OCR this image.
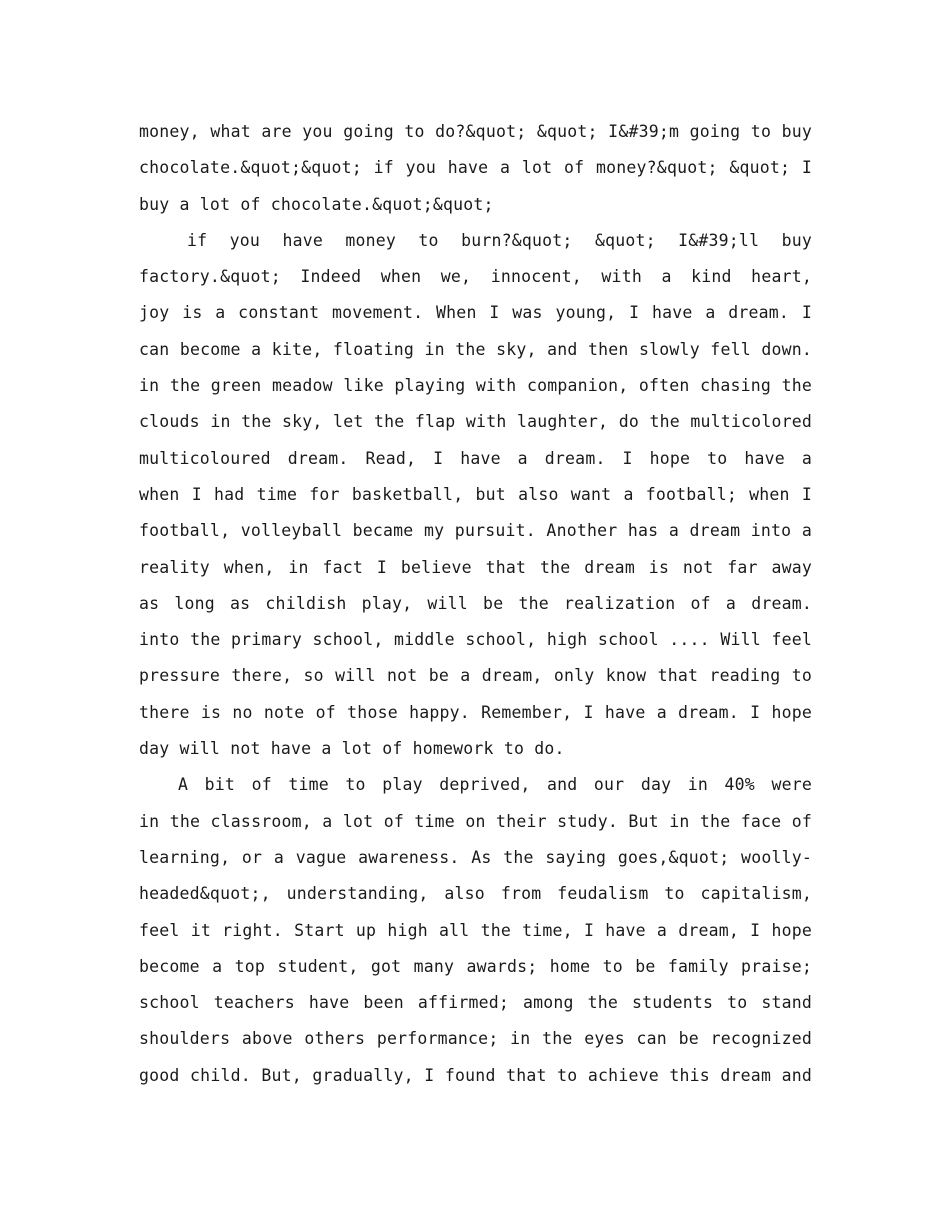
money, what are you going to do?&quot; &quot; I&#39;m going to buy
chocolate.&quot;&quot; if you have a lot of money?&quot; &quot; I
buy a lot of chocolate.&quot;&quot;
if you have money to burn?&quot; &quot; I&#39;ll buy
factory.&quot; Indeed when we, innocent, with a kind heart,
joy is a constant movement. When I was young, I have a dream. I
can become a kite, floating in the sky, and then slowly fell down.
in the green meadow like playing with companion, often chasing the
clouds in the sky, let the flap with laughter, do the multicolored
multicoloured dream. Read, I have a dream. I hope to have a
when I had time for basketball, but also want a football; when I
football, volleyball became my pursuit. Another has a dream into a
reality when, in fact I believe that the dream is not far away
as long as childish play, will be the realization of a dream.
into the primary school, middle school, high school .... Will feel
pressure there, so will not be a dream, only know that reading to
there is no note of those happy. Remember, I have a dream. I hope
day will not have a lot of homework to do.
A bit of time to play deprived, and our day in 40% were
in the classroom, a lot of time on their study. But in the face of
learning, or a vague awareness. As the saying goes,&quot; woolly-
headed&quot;, understanding, also from feudalism to capitalism,
feel it right. Start up high all the time, I have a dream, I hope
become a top student, got many awards; home to be family praise;
school teachers have been affirmed; among the students to stand
shoulders above others performance; in the eyes can be recognized
good child. But, gradually, I found that to achieve this dream and
